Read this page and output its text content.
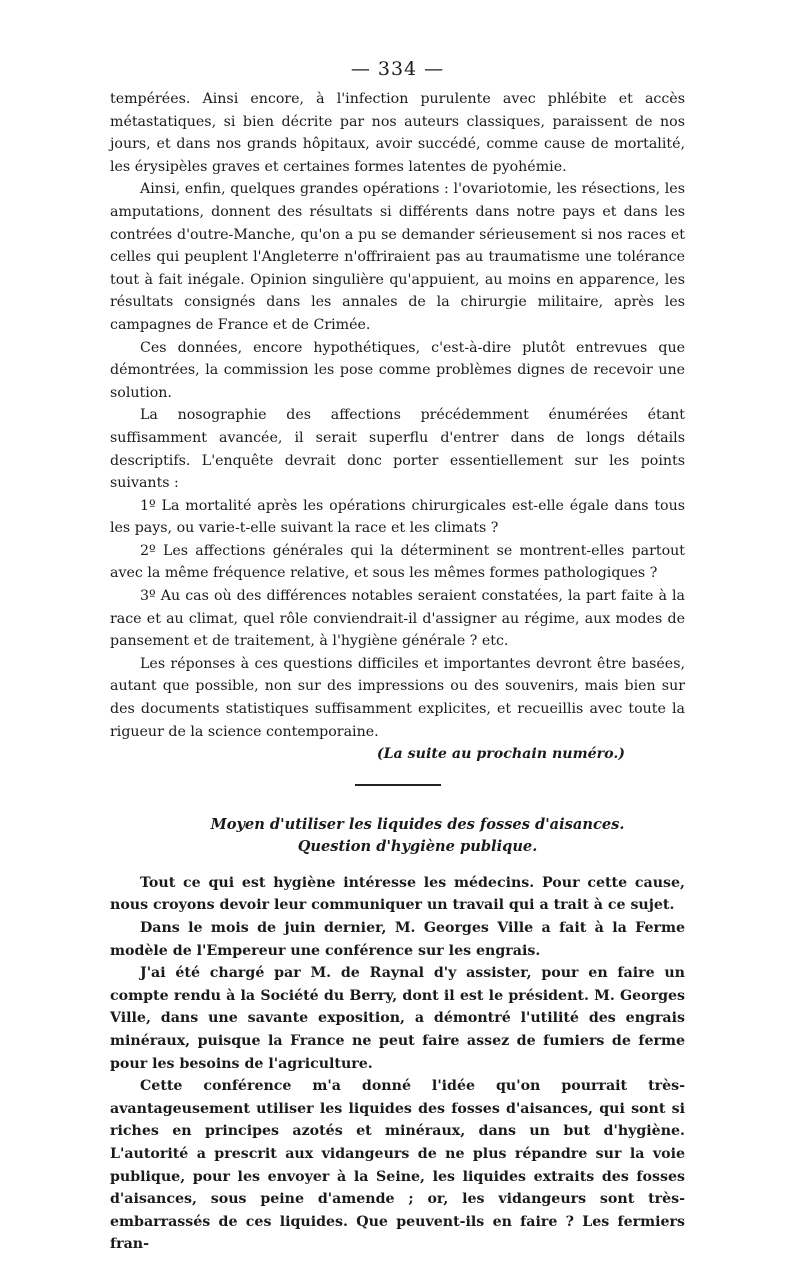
— 334 —

tempérées. Ainsi encore, à l'infection purulente avec phlébite et accès métastatiques, si bien décrite par nos auteurs classiques, paraissent de nos jours, et dans nos grands hôpitaux, avoir succédé, comme cause de mortalité, les érysipèles graves et certaines formes latentes de pyohémie.

Ainsi, enfin, quelques grandes opérations : l'ovariotomie, les résections, les amputations, donnent des résultats si différents dans notre pays et dans les contrées d'outre-Manche, qu'on a pu se demander sérieusement si nos races et celles qui peuplent l'Angleterre n'offriraient pas au traumatisme une tolérance tout à fait inégale. Opinion singulière qu'appuient, au moins en apparence, les résultats consignés dans les annales de la chirurgie militaire, après les campagnes de France et de Crimée.

Ces données, encore hypothétiques, c'est-à-dire plutôt entrevues que démontrées, la commission les pose comme problèmes dignes de recevoir une solution.

La nosographie des affections précédemment énumérées étant suffisamment avancée, il serait superflu d'entrer dans de longs détails descriptifs. L'enquête devrait donc porter essentiellement sur les points suivants :

1º La mortalité après les opérations chirurgicales est-elle égale dans tous les pays, ou varie-t-elle suivant la race et les climats ?

2º Les affections générales qui la déterminent se montrent-elles partout avec la même fréquence relative, et sous les mêmes formes pathologiques ?

3º Au cas où des différences notables seraient constatées, la part faite à la race et au climat, quel rôle conviendrait-il d'assigner au régime, aux modes de pansement et de traitement, à l'hygiène générale ? etc.

Les réponses à ces questions difficiles et importantes devront être basées, autant que possible, non sur des impressions ou des souvenirs, mais bien sur des documents statistiques suffisamment explicites, et recueillis avec toute la rigueur de la science contemporaine.

(La suite au prochain numéro.)

Moyen d'utiliser les liquides des fosses d'aisances.

Question d'hygiène publique.

Tout ce qui est hygiène intéresse les médecins. Pour cette cause, nous croyons devoir leur communiquer un travail qui a trait à ce sujet.

Dans le mois de juin dernier, M. Georges Ville a fait à la Ferme modèle de l'Empereur une conférence sur les engrais.

J'ai été chargé par M. de Raynal d'y assister, pour en faire un compte rendu à la Société du Berry, dont il est le président. M. Georges Ville, dans une savante exposition, a démontré l'utilité des engrais minéraux, puisque la France ne peut faire assez de fumiers de ferme pour les besoins de l'agriculture.

Cette conférence m'a donné l'idée qu'on pourrait très-avantageusement utiliser les liquides des fosses d'aisances, qui sont si riches en principes azotés et minéraux, dans un but d'hygiène. L'autorité a prescrit aux vidangeurs de ne plus répandre sur la voie publique, pour les envoyer à la Seine, les liquides extraits des fosses d'aisances, sous peine d'amende ; or, les vidangeurs sont très-embarrassés de ces liquides. Que peuvent-ils en faire ? Les fermiers fran-
